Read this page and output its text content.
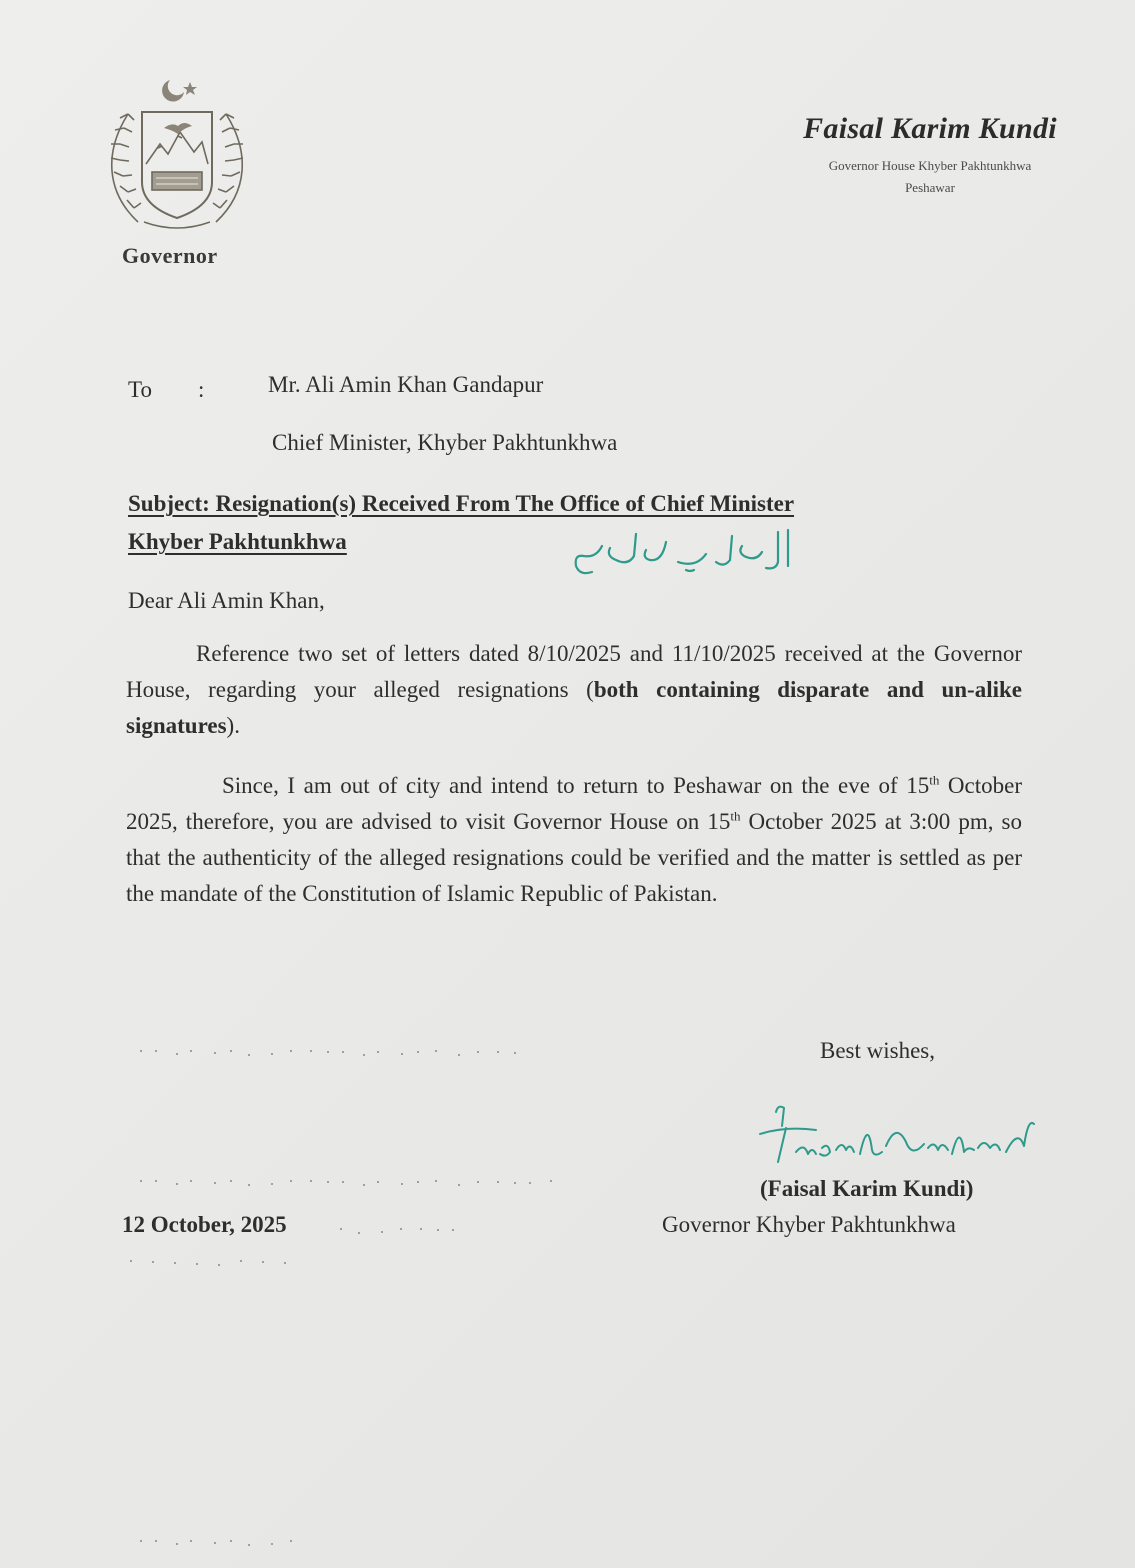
Governor
Faisal Karim Kundi
Governor House Khyber Pakhtunkhwa
Peshawar
To :	Mr. Ali Amin Khan Gandapur
Chief Minister, Khyber Pakhtunkhwa
Subject: Resignation(s) Received From The Office of Chief Minister
Khyber Pakhtunkhwa
Dear Ali Amin Khan,
Reference two set of letters dated 8/10/2025 and 11/10/2025 received at the Governor House, regarding your alleged resignations (both containing disparate and un-alike signatures).
Since, I am out of city and intend to return to Peshawar on the eve of 15th October 2025, therefore, you are advised to visit Governor House on 15th October 2025 at 3:00 pm, so that the authenticity of the alleged resignations could be verified and the matter is settled as per the mandate of the Constitution of Islamic Republic of Pakistan.
Best wishes,
(Faisal Karim Kundi)
Governor Khyber Pakhtunkhwa
12 October, 2025
